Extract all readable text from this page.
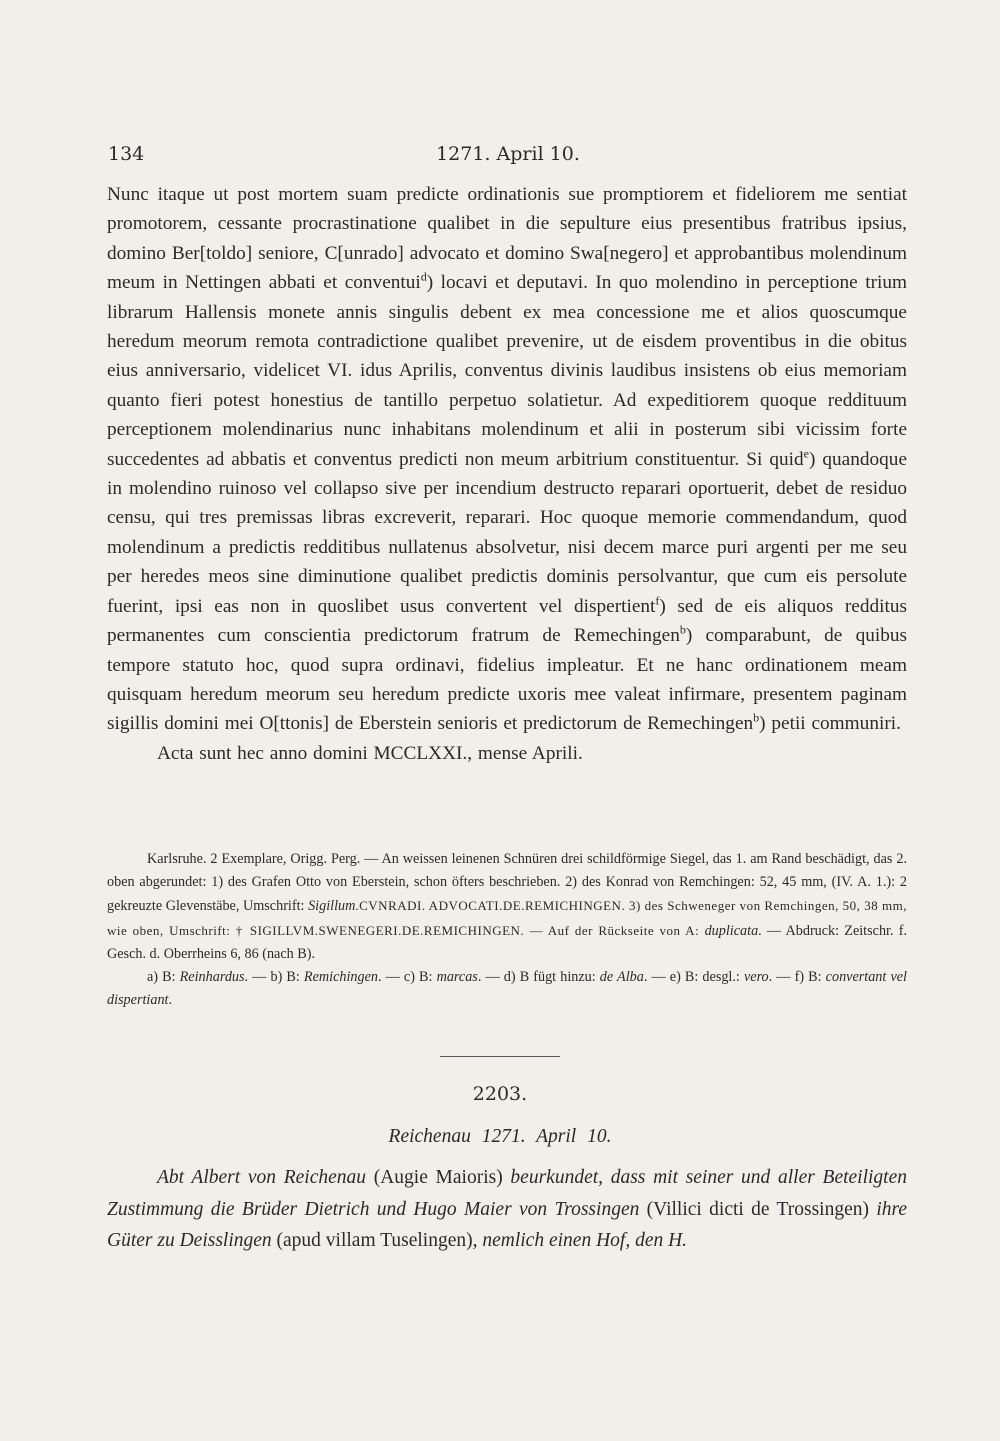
134	1271. April 10.

Nunc itaque ut post mortem suam predicte ordinationis sue promptiorem et fideliorem me sentiat promotorem, cessante procrastinatione qualibet in die sepulture eius presentibus fratribus ipsius, domino Ber[toldo] seniore, C[unrado] advocato et domino Swa[negero] et approbantibus molendinum meum in Nettingen abbati et conventui$^d$) locavi et deputavi. In quo molendino in perceptione trium librarum Hallensis monete annis singulis debent ex mea concessione me et alios quoscumque heredum meorum remota contradictione qualibet prevenire, ut de eisdem proventibus in die obitus eius anniversario, videlicet VI. idus Aprilis, conventus divinis laudibus insistens ob eius memoriam quanto fieri potest honestius de tantillo perpetuo solatietur. Ad expeditiorem quoque reddituum perceptionem molendinarius nunc inhabitans molendinum et alii in posterum sibi vicissim forte succedentes ad abbatis et conventus predicti non meum arbitrium constituentur. Si quid$^e$) quandoque in molendino ruinoso vel collapso sive per incendium destructo reparari oportuerit, debet de residuo censu, qui tres premissas libras excreverit, reparari. Hoc quoque memorie commendandum, quod molendinum a predictis redditibus nullatenus absolvetur, nisi decem marce puri argenti per me seu per heredes meos sine diminutione qualibet predictis dominis persolvantur, que cum eis persolute fuerint, ipsi eas non in quoslibet usus convertent vel dispertient$^f$) sed de eis aliquos redditus permanentes cum conscientia predictorum fratrum de Remechingen$^b$) comparabunt, de quibus tempore statuto hoc, quod supra ordinavi, fidelius impleatur. Et ne hanc ordinationem meam quisquam heredum meorum seu heredum predicte uxoris mee valeat infirmare, presentem paginam sigillis domini mei O[ttonis] de Eberstein senioris et predictorum de Remechingen$^b$) petii communiri.

Acta sunt hec anno domini MCCLXXI., mense Aprili.

Karlsruhe. 2 Exemplare, Origg. Perg. — An weissen leinenen Schnüren drei schildförmige Siegel, das 1. am Rand beschädigt, das 2. oben abgerundet: 1) des Grafen Otto von Eberstein, schon öfters beschrieben. 2) des Konrad von Remchingen: 52, 45 mm, (IV. A. 1.): 2 gekreuzte Glevenstäbe, Umschrift: Sigillum.CVNRADI. ADVOCATI.DE.REMICHINGEN. 3) des Schweneger von Remchingen, 50, 38 mm, wie oben, Umschrift: † SIGILLVM.SWENEGERI.DE.REMICHINGEN. — Auf der Rückseite von A: duplicata. — Abdruck: Zeitschr. f. Gesch. d. Oberrheins 6, 86 (nach B).

a) B: Reinhardus. — b) B: Remichingen. — c) B: marcas. — d) B fügt hinzu: de Alba. — e) B: desgl.: vero. — f) B: convertant vel dispertiant.

2203.
Reichenau 1271. April 10.

Abt Albert von Reichenau (Augie Maioris) beurkundet, dass mit seiner und aller Beteiligten Zustimmung die Brüder Dietrich und Hugo Maier von Trossingen (Villici dicti de Trossingen) ihre Güter zu Deisslingen (apud villam Tuselingen), nemlich einen Hof, den H.
